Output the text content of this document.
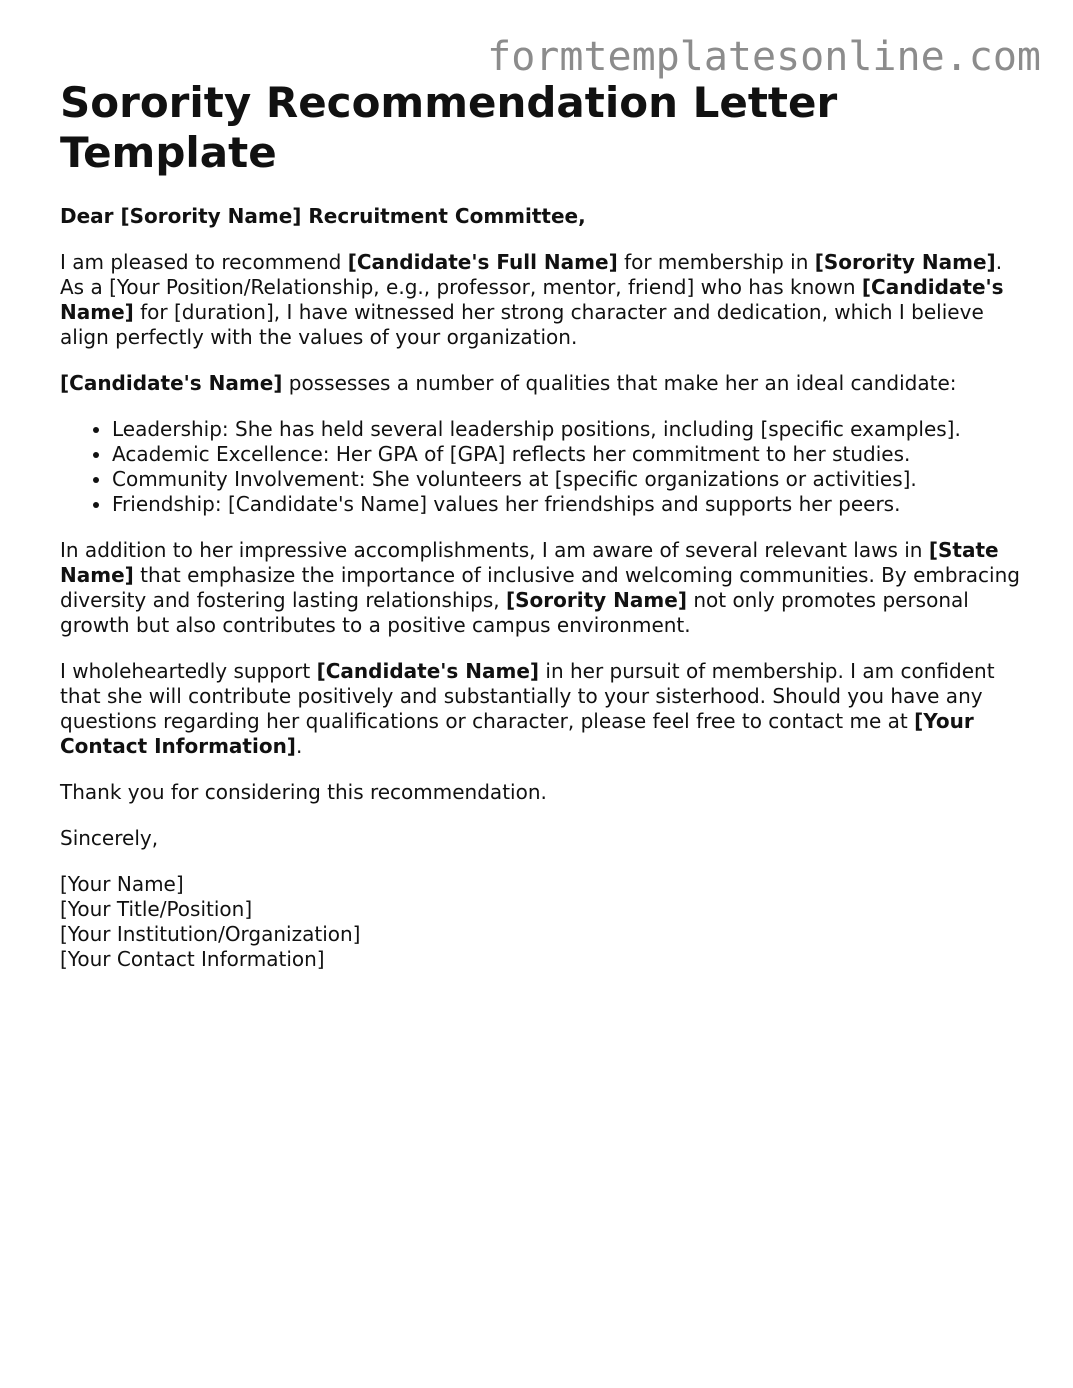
formtemplatesonline.com
Sorority Recommendation Letter Template

Dear [Sorority Name] Recruitment Committee,

I am pleased to recommend [Candidate's Full Name] for membership in [Sorority Name]. As a [Your Position/Relationship, e.g., professor, mentor, friend] who has known [Candidate's Name] for [duration], I have witnessed her strong character and dedication, which I believe align perfectly with the values of your organization.

[Candidate's Name] possesses a number of qualities that make her an ideal candidate:

• Leadership: She has held several leadership positions, including [specific examples].
• Academic Excellence: Her GPA of [GPA] reflects her commitment to her studies.
• Community Involvement: She volunteers at [specific organizations or activities].
• Friendship: [Candidate's Name] values her friendships and supports her peers.

In addition to her impressive accomplishments, I am aware of several relevant laws in [State Name] that emphasize the importance of inclusive and welcoming communities. By embracing diversity and fostering lasting relationships, [Sorority Name] not only promotes personal growth but also contributes to a positive campus environment.

I wholeheartedly support [Candidate's Name] in her pursuit of membership. I am confident that she will contribute positively and substantially to your sisterhood. Should you have any questions regarding her qualifications or character, please feel free to contact me at [Your Contact Information].

Thank you for considering this recommendation.

Sincerely,

[Your Name]
[Your Title/Position]
[Your Institution/Organization]
[Your Contact Information]
